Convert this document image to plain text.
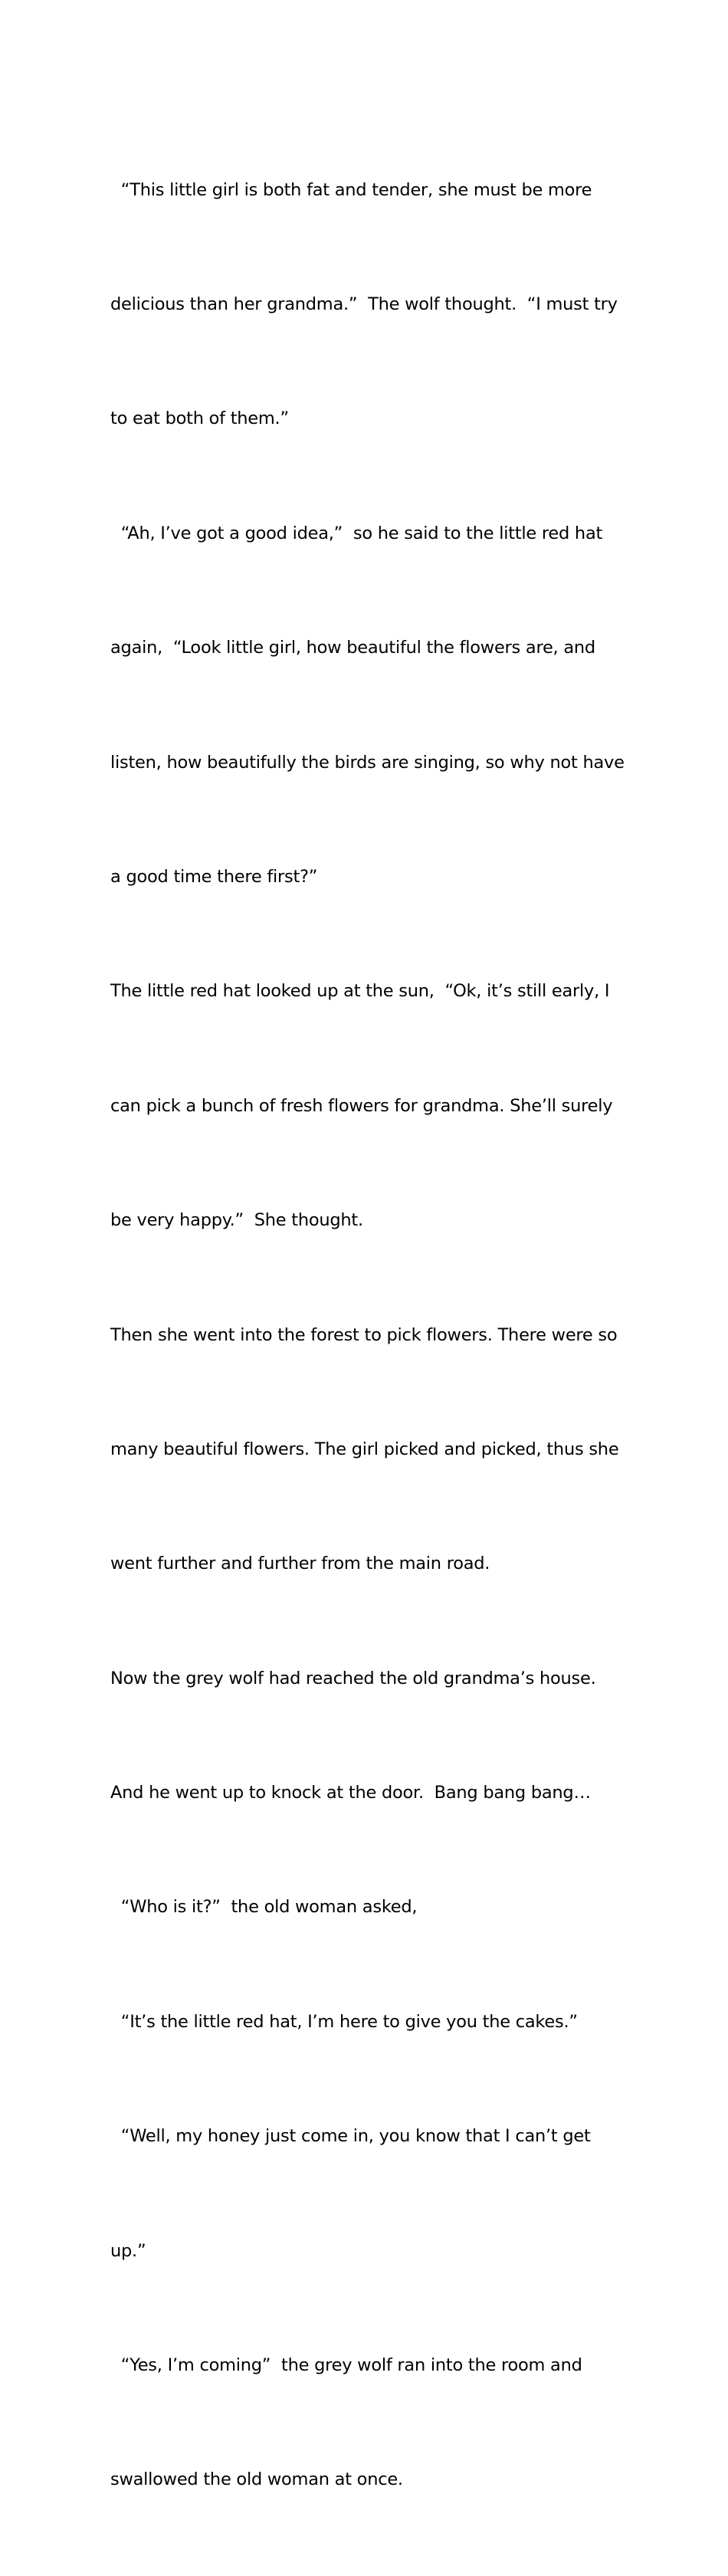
“This little girl is both fat and tender, she must be more

delicious than her grandma.”  The wolf thought.  “I must try

to eat both of them.”

“Ah, I’ve got a good idea,”  so he said to the little red hat

again,  “Look little girl, how beautiful the flowers are, and

listen, how beautifully the birds are singing, so why not have

a good time there first?”

The little red hat looked up at the sun,  “Ok, it’s still early, I

can pick a bunch of fresh flowers for grandma. She’ll surely

be very happy.”  She thought.

Then she went into the forest to pick flowers. There were so

many beautiful flowers. The girl picked and picked, thus she

went further and further from the main road.

Now the grey wolf had reached the old grandma’s house.

And he went up to knock at the door.  Bang bang bang…

“Who is it?”  the old woman asked,

“It’s the little red hat, I’m here to give you the cakes.”

“Well, my honey just come in, you know that I can’t get

up.”

“Yes, I’m coming”  the grey wolf ran into the room and

swallowed the old woman at once.
